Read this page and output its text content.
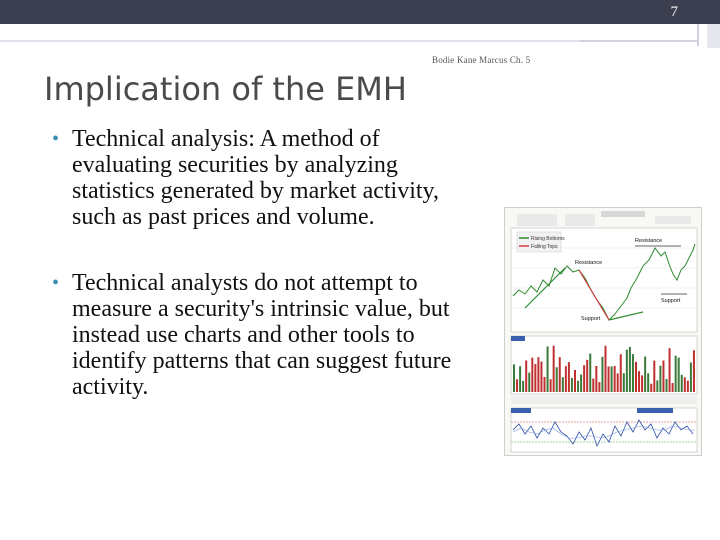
7
Bodie Kane Marcus Ch. 5
Implication of the EMH
• Technical analysis: A method of evaluating securities by analyzing statistics generated by market activity, such as past prices and volume.
• Technical analysts do not attempt to measure a security's intrinsic value, but instead use charts and other tools to identify patterns that can suggest future activity.
Rising Bottoms
Falling Tops
Resistance
Resistance
Support
Support
